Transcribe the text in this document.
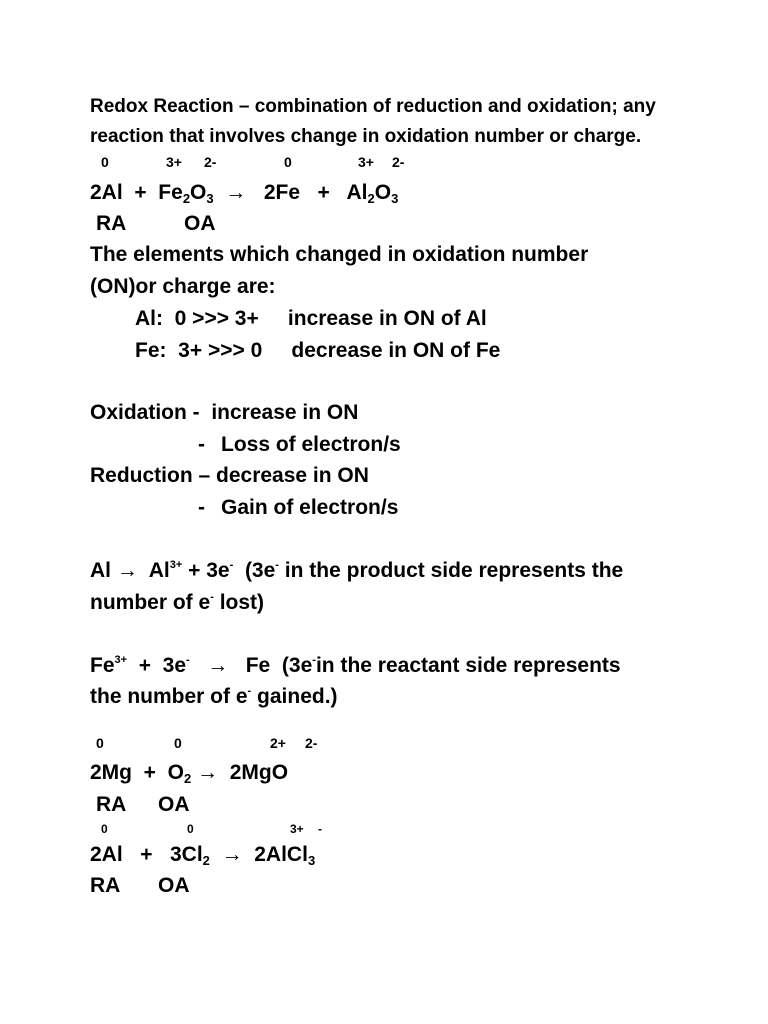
Redox Reaction – combination of reduction and oxidation; any
reaction that involves change in oxidation number or charge.
0	3+ 2-	0	3+ 2-
$2Al + Fe_2O_3 \to 2Fe + Al_2O_3$
RA	OA
The elements which changed in oxidation number
(ON)or charge are:
Al:  0 >>> 3+     increase in ON of Al
Fe:  3+ >>> 0     decrease in ON of Fe
Oxidation -  increase in ON
- Loss of electron/s
Reduction – decrease in ON
- Gain of electron/s
$Al \to Al^{3+} + 3e^-$ (3e- in the product side represents the
number of e- lost)
$Fe^{3+} + 3e^- \to Fe$ (3e-in the reactant side represents
the number of e- gained.)
0	0	2+ 2-
$2Mg + O_2 \to 2MgO$
RA OA
0	0	3+ -
$2Al + 3Cl_2$ → 2AlCl$_3$
RA OA
